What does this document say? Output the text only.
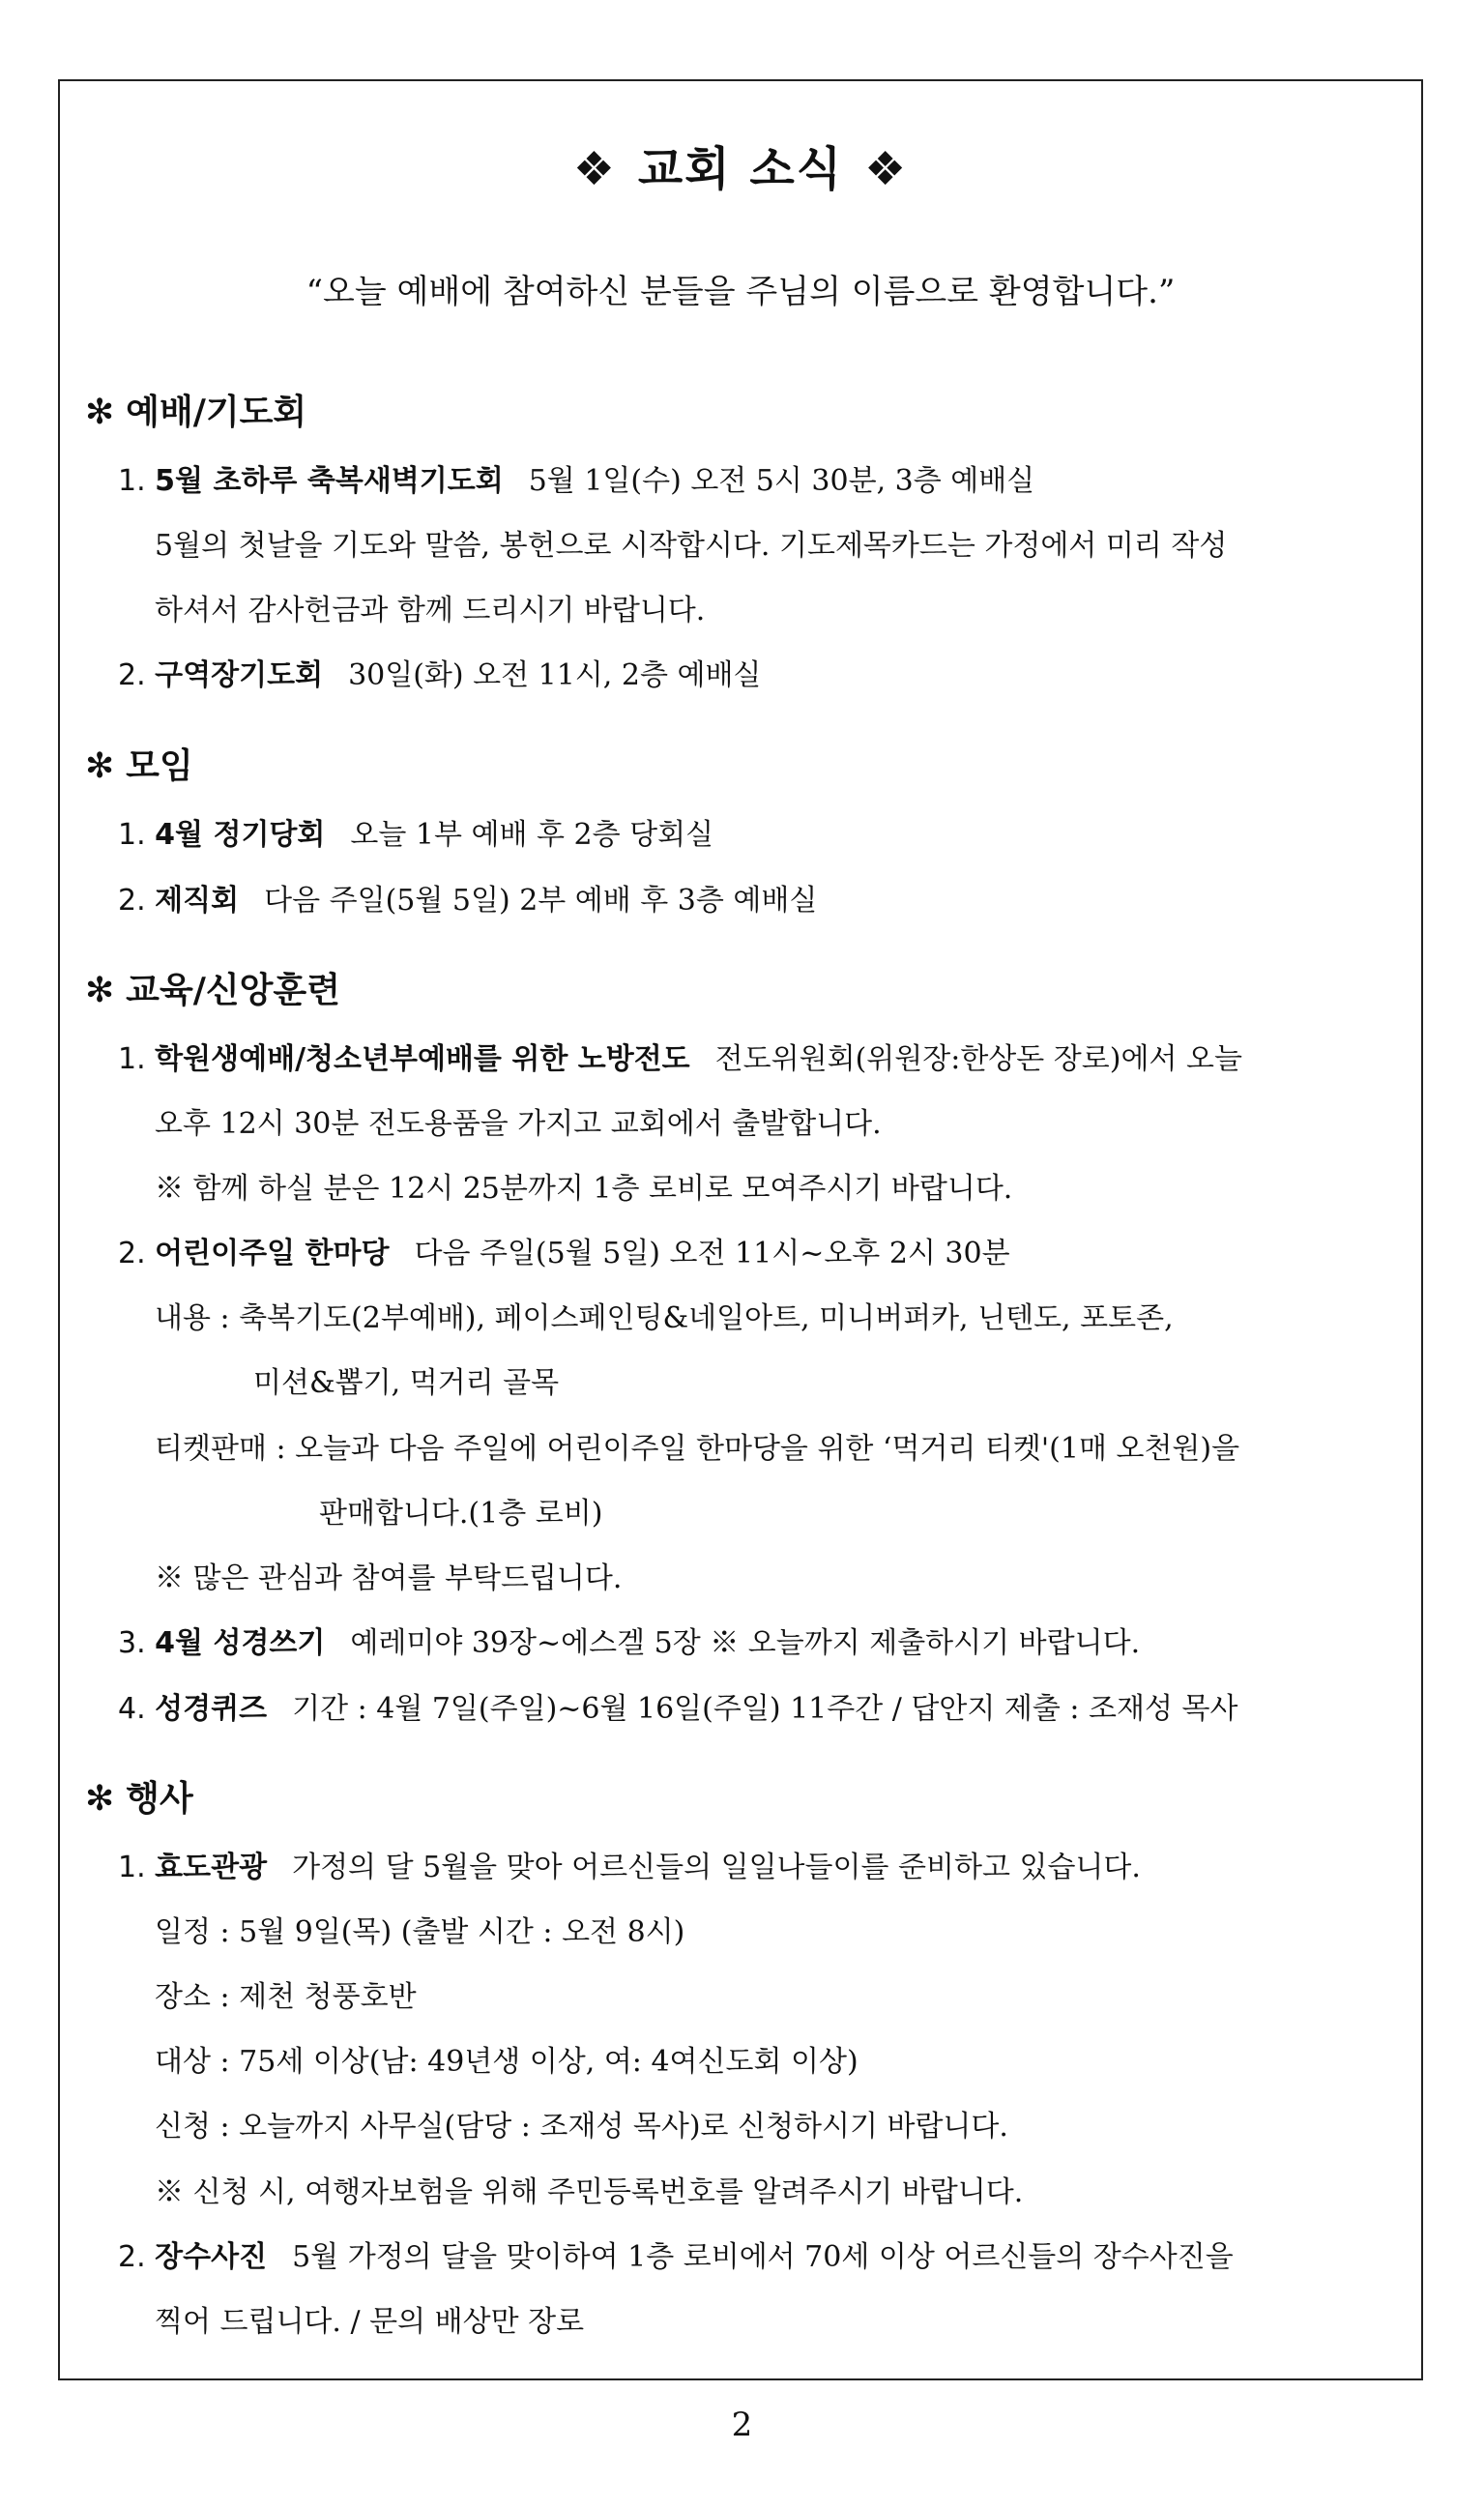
❖ 교회 소식 ❖
“오늘 예배에 참여하신 분들을 주님의 이름으로 환영합니다.”
✻ 예배/기도회
1. 5월 초하루 축복새벽기도회 5월 1일(수) 오전 5시 30분, 3층 예배실
5월의 첫날을 기도와 말씀, 봉헌으로 시작합시다. 기도제목카드는 가정에서 미리 작성
하셔서 감사헌금과 함께 드리시기 바랍니다.
2. 구역장기도회 30일(화) 오전 11시, 2층 예배실
✻ 모임
1. 4월 정기당회 오늘 1부 예배 후 2층 당회실
2. 제직회 다음 주일(5월 5일) 2부 예배 후 3층 예배실
✻ 교육/신앙훈련
1. 학원생예배/청소년부예배를 위한 노방전도 전도위원회(위원장:한상돈 장로)에서 오늘
오후 12시 30분 전도용품을 가지고 교회에서 출발합니다.
※ 함께 하실 분은 12시 25분까지 1층 로비로 모여주시기 바랍니다.
2. 어린이주일 한마당 다음 주일(5월 5일) 오전 11시~오후 2시 30분
내용 : 축복기도(2부예배), 페이스페인팅&네일아트, 미니버퍼카, 닌텐도, 포토존,
미션&뽑기, 먹거리 골목
티켓판매 : 오늘과 다음 주일에 어린이주일 한마당을 위한 ‘먹거리 티켓'(1매 오천원)을
판매합니다.(1층 로비)
※ 많은 관심과 참여를 부탁드립니다.
3. 4월 성경쓰기 예레미야 39장~에스겔 5장 ※ 오늘까지 제출하시기 바랍니다.
4. 성경퀴즈 기간 : 4월 7일(주일)~6월 16일(주일) 11주간 / 답안지 제출 : 조재성 목사
✻ 행사
1. 효도관광 가정의 달 5월을 맞아 어르신들의 일일나들이를 준비하고 있습니다.
일정 : 5월 9일(목) (출발 시간 : 오전 8시)
장소 : 제천 청풍호반
대상 : 75세 이상(남: 49년생 이상, 여: 4여신도회 이상)
신청 : 오늘까지 사무실(담당 : 조재성 목사)로 신청하시기 바랍니다.
※ 신청 시, 여행자보험을 위해 주민등록번호를 알려주시기 바랍니다.
2. 장수사진 5월 가정의 달을 맞이하여 1층 로비에서 70세 이상 어르신들의 장수사진을
찍어 드립니다. / 문의 배상만 장로
2
